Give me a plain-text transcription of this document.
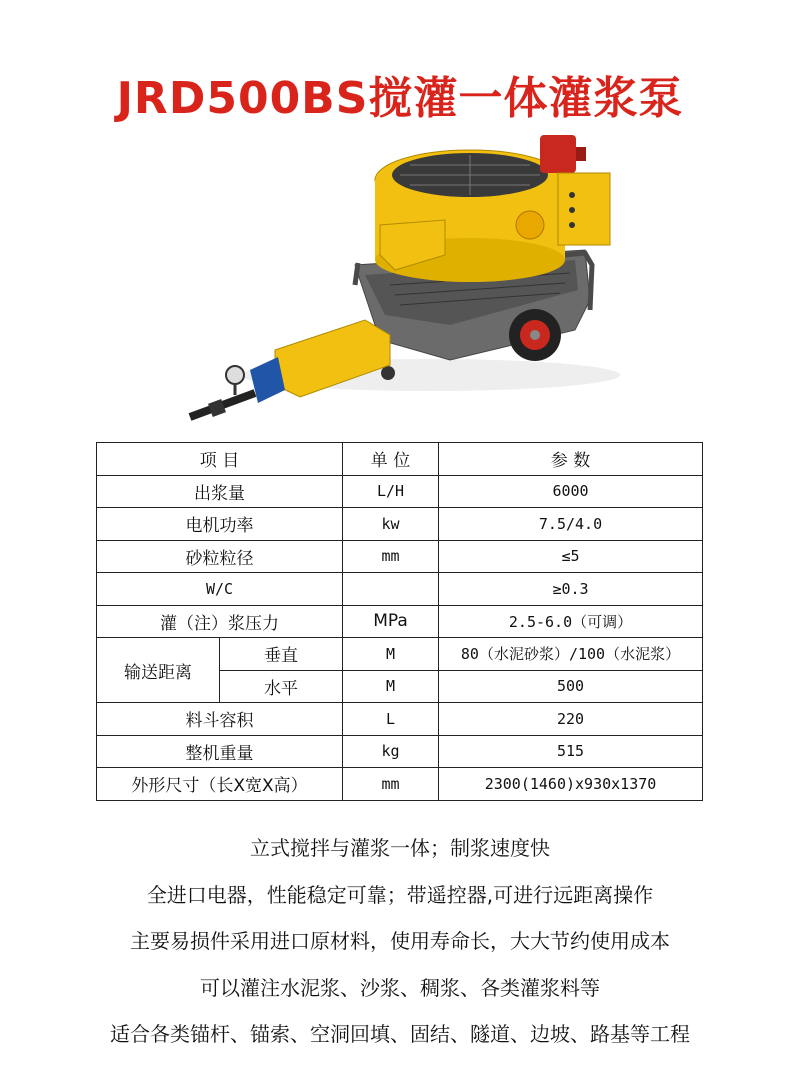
JRD500BS搅灌一体灌浆泵
项 目		单 位	参 数
出浆量		L/H	6000
电机功率		kw	7.5/4.0
砂粒粒径		mm	≤5
W/C			≥0.3
灌（注）浆压力		MPa	2.5-6.0（可调）
输送距离	垂直	M	80（水泥砂浆）/100（水泥浆）
	水平	M	500
料斗容积		L	220
整机重量		kg	515
外形尺寸（长X宽X高）		mm	2300(1460)x930x1370
立式搅拌与灌浆一体；制浆速度快
全进口电器，性能稳定可靠；带遥控器,可进行远距离操作
主要易损件采用进口原材料，使用寿命长，大大节约使用成本
可以灌注水泥浆、沙浆、稠浆、各类灌浆料等
适合各类锚杆、锚索、空洞回填、固结、隧道、边坡、路基等工程
